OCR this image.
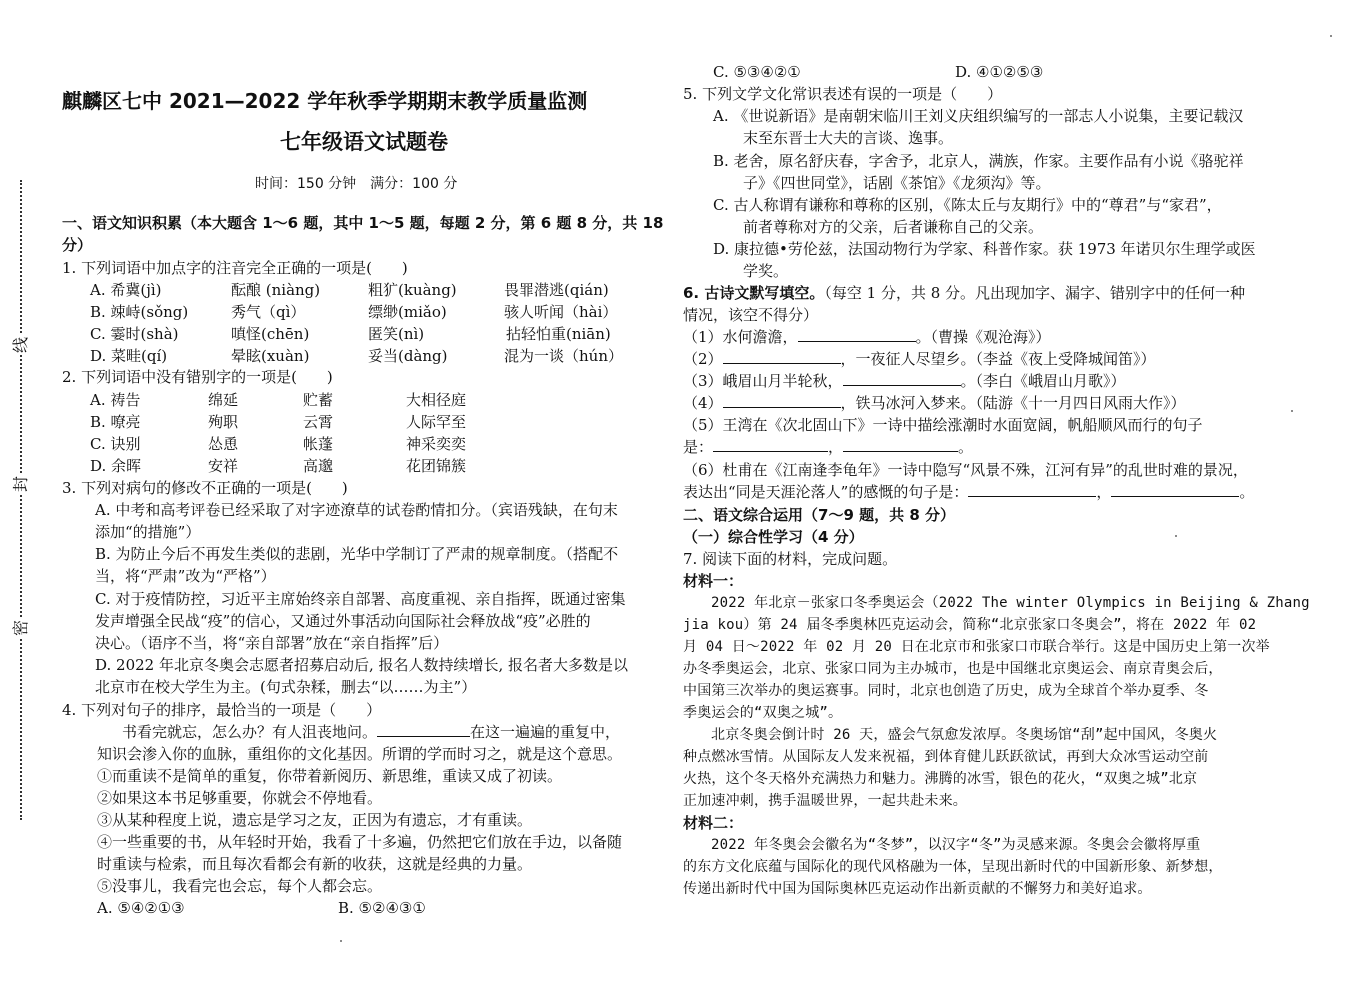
线
封
密
麒麟区七中 2021—2022 学年秋季学期期末教学质量监测
七年级语文试题卷
时间：150 分钟　满分：100 分
一、语文知识积累（本大题含 1～6 题，其中 1～5 题，每题 2 分，第 6 题 8 分，共 18
分）
1. 下列词语中加点字的注音完全正确的一项是(　　)
A. 希冀(jì)	酝酿 (niàng)	粗犷(kuàng)	畏罪潜逃(qián)
B. 竦峙(sǒng)	秀气（qì）	缥缈(miǎo)	骇人听闻（hài）
C. 霎时(shà)	嗔怪(chēn)	匿笑(nì)	拈轻怕重(niān)
D. 菜畦(qí)	晕眩(xuàn)	妥当(dàng)	混为一谈（hún）
2. 下列词语中没有错别字的一项是(　　)
A. 祷告	绵延	贮蓄	大相径庭
B. 嘹亮	殉职	云霄	人际罕至
C. 诀别	怂恿	帐蓬	神采奕奕
D. 余晖	安祥	高邈	花团锦簇
3. 下列对病句的修改不正确的一项是(　　)
A. 中考和高考评卷已经采取了对字迹潦草的试卷酌情扣分。（宾语残缺，在句末
添加“的措施”）
B. 为防止今后不再发生类似的悲剧，光华中学制订了严肃的规章制度。（搭配不
当，将“严肃”改为“严格”）
C. 对于疫情防控，习近平主席始终亲自部署、高度重视、亲自指挥，既通过密集
发声增强全民战“疫”的信心，又通过外事活动向国际社会释放战“疫”必胜的
决心。（语序不当，将“亲自部署”放在“亲自指挥”后）
D. 2022 年北京冬奥会志愿者招募启动后, 报名人数持续增长, 报名者大多数是以
北京市在校大学生为主。(句式杂糅，删去“以……为主”）
4. 下列对句子的排序，最恰当的一项是（　　）
书看完就忘，怎么办？有人沮丧地问。	在这一遍遍的重复中，
知识会渗入你的血脉，重组你的文化基因。所谓的学而时习之，就是这个意思。
①而重读不是简单的重复，你带着新阅历、新思维，重读又成了初读。
②如果这本书足够重要，你就会不停地看。
③从某种程度上说，遗忘是学习之友，正因为有遗忘，才有重读。
④一些重要的书，从年轻时开始，我看了十多遍，仍然把它们放在手边，以备随
时重读与检索，而且每次看都会有新的收获，这就是经典的力量。
⑤没事儿，我看完也会忘，每个人都会忘。
A. ⑤④②①③	B. ⑤②④③①
C. ⑤③④②①	D. ④①②⑤③
5. 下列文学文化常识表述有误的一项是（　　）
A. 《世说新语》是南朝宋临川王刘义庆组织编写的一部志人小说集，主要记载汉
末至东晋士大夫的言谈、逸事。
B. 老舍，原名舒庆春，字舍予，北京人，满族，作家。主要作品有小说《骆驼祥
子》《四世同堂》，话剧《茶馆》《龙须沟》等。
C. 古人称谓有谦称和尊称的区别，《陈太丘与友期行》中的“尊君”与“家君”，
前者尊称对方的父亲，后者谦称自己的父亲。
D. 康拉德•劳伦兹，法国动物行为学家、科普作家。获 1973 年诺贝尔生理学或医
学奖。
6. 古诗文默写填空。（每空 1 分，共 8 分。凡出现加字、漏字、错别字中的任何一种
情况，该空不得分）
（1）水何澹澹，	。（曹操《观沧海》）
（2）	，一夜征人尽望乡。（李益《夜上受降城闻笛》）
（3）峨眉山月半轮秋，	。（李白《峨眉山月歌》）
（4）	，铁马冰河入梦来。（陆游《十一月四日风雨大作》）
（5）王湾在《次北固山下》一诗中描绘涨潮时水面宽阔，帆船顺风而行的句子
是：	，	。
（6）杜甫在《江南逢李龟年》一诗中隐写“风景不殊，江河有异”的乱世时难的景况，
表达出“同是天涯沦落人”的感慨的句子是：	，	。
二、语文综合运用（7～9 题，共 8 分）
（一）综合性学习（4 分）
7. 阅读下面的材料，完成问题。
材料一：
2022 年北京－张家口冬季奥运会（2022 The winter Olympics in Beijing & Zhang
jia kou）第 24 届冬季奥林匹克运动会，简称“北京张家口冬奥会”，将在 2022 年 02
月 04 日～2022 年 02 月 20 日在北京市和张家口市联合举行。这是中国历史上第一次举
办冬季奥运会，北京、张家口同为主办城市，也是中国继北京奥运会、南京青奥会后，
中国第三次举办的奥运赛事。同时，北京也创造了历史，成为全球首个举办夏季、冬
季奥运会的“双奥之城”。
北京冬奥会倒计时 26 天，盛会气氛愈发浓厚。冬奥场馆“刮”起中国风，冬奥火
种点燃冰雪情。从国际友人发来祝福，到体育健儿跃跃欲试，再到大众冰雪运动空前
火热，这个冬天格外充满热力和魅力。沸腾的冰雪，银色的花火，“双奥之城”北京
正加速冲刺，携手温暖世界，一起共赴未来。
材料二：
2022 年冬奥会会徽名为“冬梦”，以汉字“冬”为灵感来源。冬奥会会徽将厚重
的东方文化底蕴与国际化的现代风格融为一体，呈现出新时代的中国新形象、新梦想，
传递出新时代中国为国际奥林匹克运动作出新贡献的不懈努力和美好追求。
